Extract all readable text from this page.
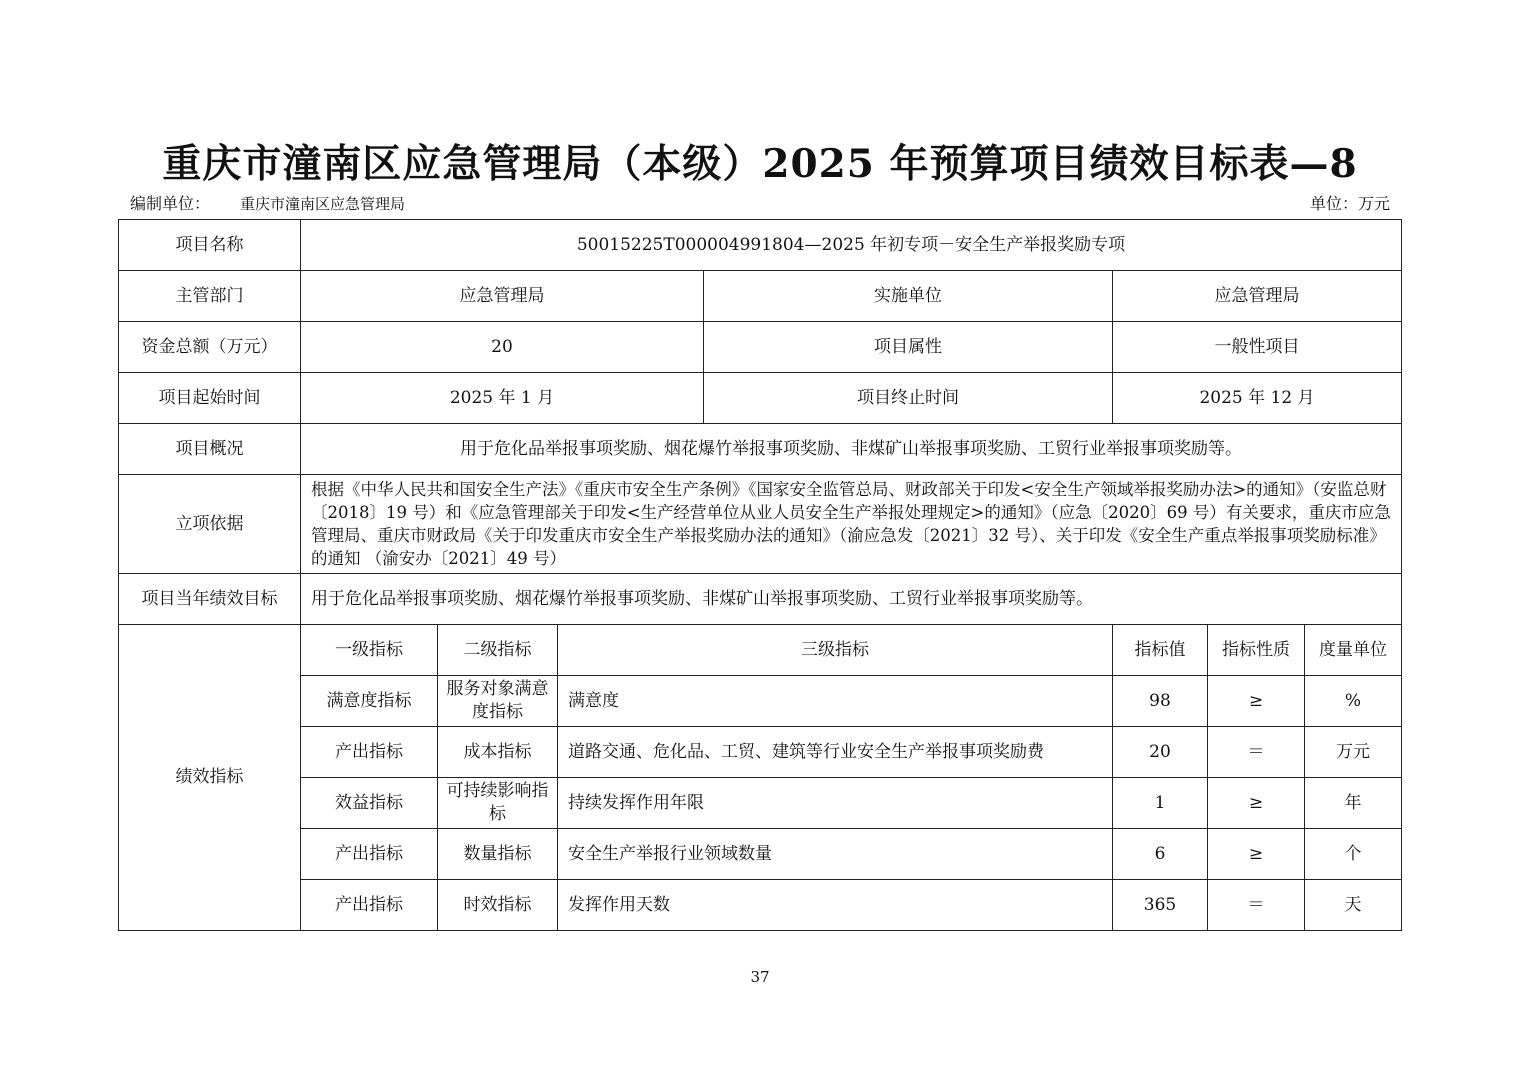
重庆市潼南区应急管理局（本级）2025 年预算项目绩效目标表—8
编制单位： 重庆市潼南区应急管理局	单位：万元
项目名称	50015225T000004991804—2025 年初专项－安全生产举报奖励专项						
主管部门	应急管理局			实施单位	应急管理局		
资金总额（万元）	20			项目属性	一般性项目		
项目起始时间	2025 年 1 月			项目终止时间	2025 年 12 月		
项目概况	用于危化品举报事项奖励、烟花爆竹举报事项奖励、非煤矿山举报事项奖励、工贸行业举报事项奖励等。						
立项依据	根据《中华人民共和国安全生产法》《重庆市安全生产条例》《国家安全监管总局、财政部关于印发<安全生产领域举报奖励办法>的通知》（安监总财〔2018〕19 号）和《应急管理部关于印发<生产经营单位从业人员安全生产举报处理规定>的通知》（应急〔2020〕69 号）有关要求，重庆市应急管理局、重庆市财政局《关于印发重庆市安全生产举报奖励办法的通知》（渝应急发〔2021〕32 号）、关于印发《安全生产重点举报事项奖励标准》的通知 （渝安办〔2021〕49 号）						
项目当年绩效目标	用于危化品举报事项奖励、烟花爆竹举报事项奖励、非煤矿山举报事项奖励、工贸行业举报事项奖励等。						
绩效指标	一级指标	二级指标	三级指标		指标值	指标性质	度量单位
	满意度指标	服务对象满意度指标	满意度		98	≥	%
	产出指标	成本指标	道路交通、危化品、工贸、建筑等行业安全生产举报事项奖励费		20	＝	万元
	效益指标	可持续影响指标	持续发挥作用年限		1	≥	年
	产出指标	数量指标	安全生产举报行业领域数量		6	≥	个
	产出指标	时效指标	发挥作用天数		365	＝	天
37
